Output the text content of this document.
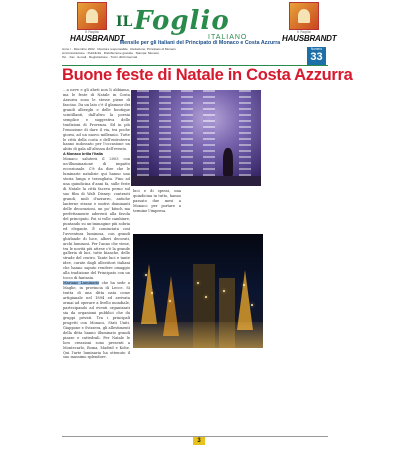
Il Foglio
HAUSBRANDT
IL Foglio
ITALIANO
Il Foglio
HAUSBRANDT
Mensile per gli Italiani del Principato di Monaco e Costa Azzurra
Anno I · Dicembre 2002 · Direttore responsabile · Redazione: Principato di Monaco
Amministrazione · Pubblicità · Distribuzione gratuita · Stampa: Monaco
Tel. · Fax · E-mail · Registrazione · Tutti i diritti riservati
Numero
33
Buone feste di Natale in Costa Azzurra

…a neve e gli abeti non li abbiamo, ma le feste di Natale in Costa Azzurra sono le stesse piene di fascino. Da un lato c'è il glamour dei grandi alberghi e delle boutique scintillanti, dall'altro la poesia semplice e suggestiva delle tradizioni di Provenza. Ed in più l'emozione di dare il via, tra poche giorni, ad un nuovo millennio. Tutte le città della costa e dell'entroterra hanno indossato per l'occasione un abito di gala all'altezza dell'evento.

A Monaco brilla l'Italia

Monaco saluterà il 2003 con un'illuminazione di impatto eccezionale. C'è da dire che le luminarie natalizie qui hanno una storia lunga e travagliata. Fino ad una quindicina d'anni fa, sulle feste di Natale la città faceva perno sul suo film di Walt Disney: contrasti grandi, moli d'azzurro, antiche lanterne strane e motivi dominanti delle decorazioni, un po' kitsch ma perfettamente aderenti alla favola del principato. Poi si volle cambiare, puntando su un'immagine più sobria ed elegante. È cominciata così l'avventura luminosa, con grandi ghirlande di luce, alberi decorati, archi luminosi. Per l'anno che viene, tra le novità più attese c'è la grande galleria di luci, tutte bianche, delle strade del centro. Tante luci e tante idee, curate dagli allestitori italiani che hanno saputo rendere omaggio alla tradizione del Principato con un tocco di fantasia.

Mariano Luminarie che ha sede a Maglie, in provincia di Lecce. Si tratta di una ditta nata come artigianale nel 1894 ed arrivata ormai ad operare a livello mondiale, partecipando ad eventi organizzati sia da organismi pubblici che da gruppi privati. Tra i principali progetti con Monaco, Stati Uniti, Giappone e Svizzera, gli allestimenti della ditta hanno illuminato grandi piazze e cattedrali. Per Natale le loro creazioni sono presenti a Montecarlo, Roma, Madrid e Kobe. Qui l'arte luminaria ha ottenuto il suo massimo splendore.

luci e di spessi, una quindicina in tutto, hanno passato due mesi a Monaco per portare a termine l'impresa.

3
